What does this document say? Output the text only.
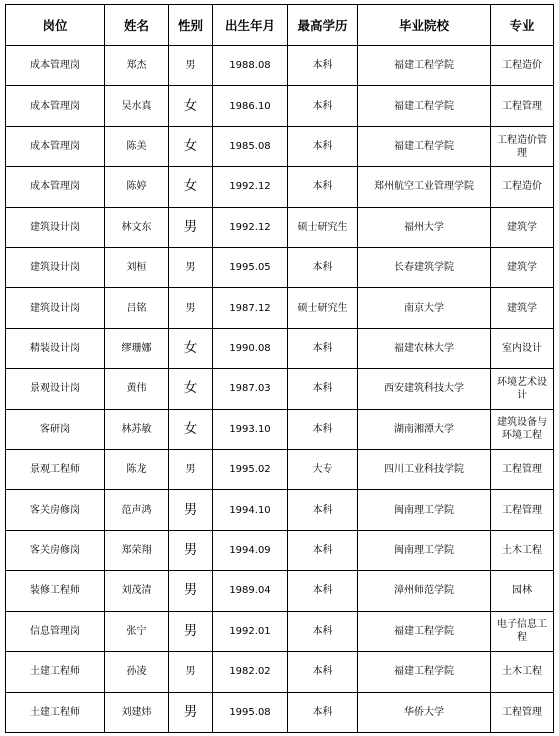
岗位	姓名	性别	出生年月	最高学历	毕业院校	专业
成本管理岗	郑杰	男	1988.08	本科	福建工程学院	工程造价
成本管理岗	吴水真	女	1986.10	本科	福建工程学院	工程管理
成本管理岗	陈美	女	1985.08	本科	福建工程学院	工程造价管理
成本管理岗	陈婷	女	1992.12	本科	郑州航空工业管理学院	工程造价
建筑设计岗	林文东	男	1992.12	硕士研究生	福州大学	建筑学
建筑设计岗	刘桓	男	1995.05	本科	长春建筑学院	建筑学
建筑设计岗	吕铭	男	1987.12	硕士研究生	南京大学	建筑学
精装设计岗	缪珊娜	女	1990.08	本科	福建农林大学	室内设计
景观设计岗	黄伟	女	1987.03	本科	西安建筑科技大学	环境艺术设计
客研岗	林苏敏	女	1993.10	本科	湖南湘潭大学	建筑设备与环境工程
景观工程师	陈龙	男	1995.02	大专	四川工业科技学院	工程管理
客关房修岗	范声鸿	男	1994.10	本科	闽南理工学院	工程管理
客关房修岗	郑荣翔	男	1994.09	本科	闽南理工学院	土木工程
装修工程师	刘茂清	男	1989.04	本科	漳州师范学院	园林
信息管理岗	张宁	男	1992.01	本科	福建工程学院	电子信息工程
土建工程师	孙凌	男	1982.02	本科	福建工程学院	土木工程
土建工程师	刘建炜	男	1995.08	本科	华侨大学	工程管理
